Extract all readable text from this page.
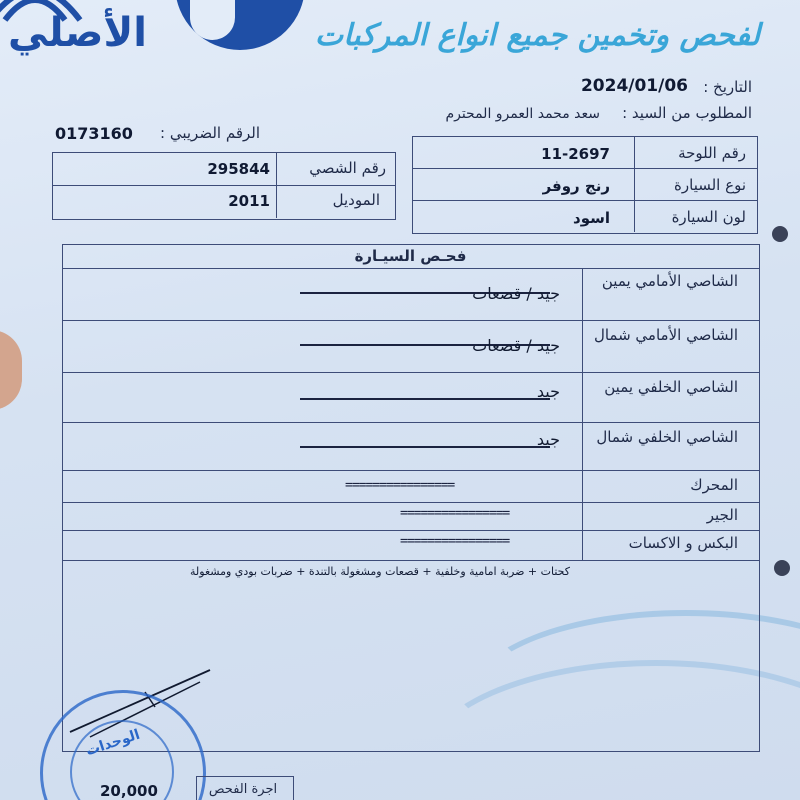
الأصلي	لفحص وتخمين جميع انواع المركبات
التاريخ :
2024/01/06
المطلوب من السيد :
سعد محمد العمرو المحترم
الرقم الضريبي :
0173160
رقم اللوحة
11-2697
نوع السيارة
رنج روفر
لون السيارة
اسود
رقم الشصي
295844
الموديل
2011
فحـص السيـارة
الشاصي الأمامي يمين
الشاصي الأمامي شمال
الشاصي الخلفي يمين
الشاصي الخلفي شمال
المحرك
الجير
البكس و الاكسات
جيد / قصعات
جيد / قصعات
جيد
جيد
================
================
================
كحتات + ضربة امامية وخلفية + قصعات ومشغولة بالتندة + ضربات بودي ومشغولة
الوحدات
اجرة الفحص
20,000
